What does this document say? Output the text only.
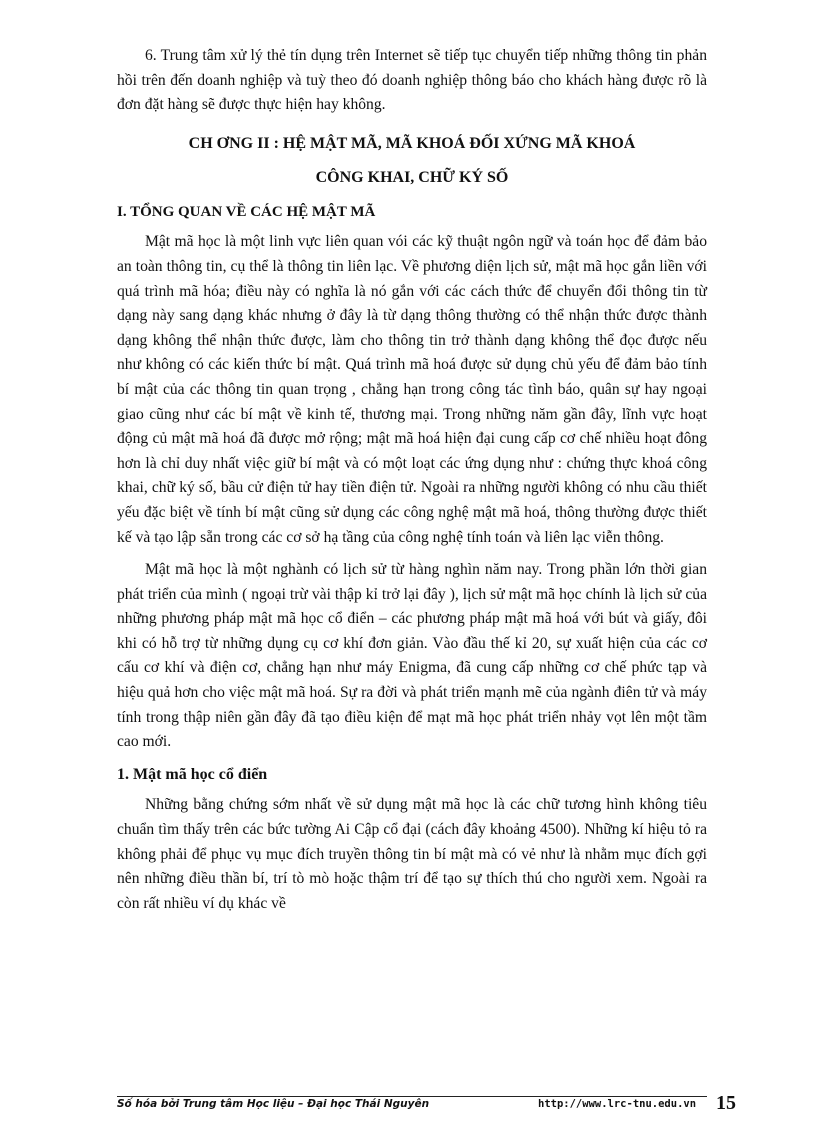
6. Trung tâm xử lý thẻ tín dụng trên Internet sẽ tiếp tục chuyển tiếp những thông tin phản hồi trên đến doanh nghiệp và tuỳ theo đó doanh nghiệp thông báo cho khách hàng được rõ là đơn đặt hàng sẽ được thực hiện hay không.

CH ƠNG II : HỆ MẬT MÃ, MÃ KHOÁ ĐỐI XỨNG MÃ KHOÁ
CÔNG KHAI, CHỮ KÝ SỐ
I. TỔNG QUAN VỀ CÁC HỆ MẬT MÃ

Mật mã học là một linh vực liên quan vói các kỹ thuật ngôn ngữ và toán học để đảm bảo an toàn thông tin, cụ thể là thông tin liên lạc. Về phương diện lịch sử, mật mã học gắn liền với quá trình mã hóa; điều này có nghĩa là nó gắn với các cách thức để chuyển đổi thông tin từ dạng này sang dạng khác nhưng ở đây là từ dạng thông thường có thể nhận thức được thành dạng không thể nhận thức được, làm cho thông tin trở thành dạng không thể đọc được nếu như không có các kiến thức bí mật. Quá trình mã hoá được sử dụng chủ yếu để đảm bảo tính bí mật của các thông tin quan trọng , chẳng hạn trong công tác tình báo, quân sự hay ngoại giao cũng như các bí mật về kinh tế, thương mại. Trong những năm gần đây, lĩnh vực hoạt động củ mật mã hoá đã được mở rộng; mật mã hoá hiện đại cung cấp cơ chế nhiều hoạt đông hơn là chỉ duy nhất việc giữ bí mật và có một loạt các ứng dụng như : chứng thực khoá công khai, chữ ký số, bầu cử điện tử hay tiền điện tử. Ngoài ra những người không có nhu cầu thiết yếu đặc biệt về tính bí mật cũng sử dụng các công nghệ mật mã hoá, thông thường được thiết kế và tạo lập sẵn trong các cơ sở hạ tầng của công nghệ tính toán và liên lạc viễn thông.

Mật mã học là một nghành có lịch sử từ hàng nghìn năm nay. Trong phần lớn thời gian phát triển của mình ( ngoại trừ vài thập kỉ trở lại đây ), lịch sử mật mã học chính là lịch sử của những phương pháp mật mã học cổ điển – các phương pháp mật mã hoá với bút và giấy, đôi khi có hỗ trợ từ những dụng cụ cơ khí đơn giản. Vào đầu thế kỉ 20, sự xuất hiện của các cơ cấu cơ khí và điện cơ, chẳng hạn như máy Enigma, đã cung cấp những cơ chế phức tạp và hiệu quả hơn cho việc mật mã hoá. Sự ra đời và phát triển mạnh mẽ của ngành điên tử và máy tính trong thập niên gần đây đã tạo điều kiện để mạt mã học phát triển nhảy vọt lên một tầm cao mới.

1. Mật mã học cổ điển

Những bằng chứng sớm nhất về sử dụng mật mã học là các chữ tương hình không tiêu chuẩn tìm thấy trên các bức tường Ai Cập cổ đại (cách đây khoảng 4500). Những kí hiệu tỏ ra không phải để phục vụ mục đích truyền thông tin bí mật mà có vẻ như là nhằm mục đích gợi nên những điều thần bí, trí tò mò hoặc thậm trí để tạo sự thích thú cho người xem. Ngoài ra còn rất nhiều ví dụ khác về

Số hóa bởi Trung tâm Học liệu – Đại học Thái Nguyên	http://www.lrc-tnu.edu.vn 15
